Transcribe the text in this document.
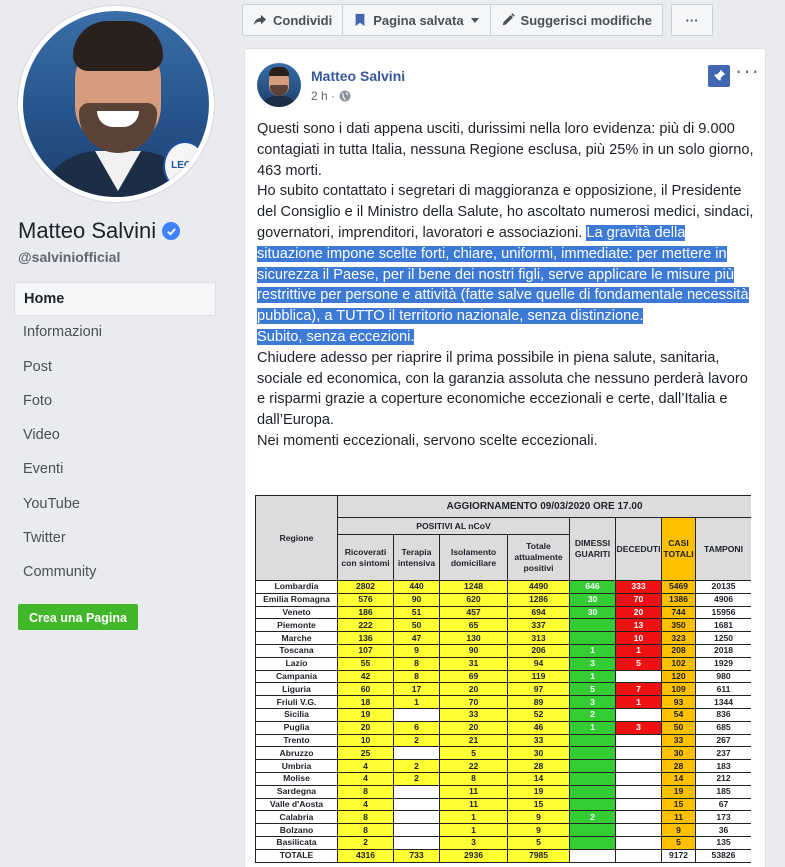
LEGA
Matteo Salvini
@salviniofficial
Home
Informazioni
Post
Foto
Video
Eventi
YouTube
Twitter
Community
Crea una Pagina
Condividi	Pagina salvata	Suggerisci modifiche	···
Matteo Salvini
2 h ·
···

Questi sono i dati appena usciti, durissimi nella loro evidenza: più di 9.000 contagiati in tutta Italia, nessuna Regione esclusa, più 25% in un solo giorno, 463 morti.

Ho subito contattato i segretari di maggioranza e opposizione, il Presidente del Consiglio e il Ministro della Salute, ho ascoltato numerosi medici, sindaci, governatori, imprenditori, lavoratori e associazioni. La gravità della situazione impone scelte forti, chiare, uniformi, immediate: per mettere in sicurezza il Paese, per il bene dei nostri figli, serve applicare le misure più restrittive per persone e attività (fatte salve quelle di fondamentale necessità pubblica), a TUTTO il territorio nazionale, senza distinzione.

Subito, senza eccezioni.

Chiudere adesso per riaprire il prima possibile in piena salute, sanitaria, sociale ed economica, con la garanzia assoluta che nessuno perderà lavoro e risparmi grazie a coperture economiche eccezionali e certe, dall’Italia e dall’Europa.

Nei momenti eccezionali, servono scelte eccezionali.

Regione	AGGIORNAMENTO 09/03/2020 ORE 17.00							
	POSITIVI AL nCoV				DIMESSI GUARITI	DECEDUTI	CASI TOTALI	TAMPONI
	Ricoverati con sintomi	Terapia intensiva	Isolamento domiciliare	Totale attualmente positivi				
Lombardia	2802	440	1248	4490	646	333	5469	20135
Emilia Romagna	576	90	620	1286	30	70	1386	4906
Veneto	186	51	457	694	30	20	744	15956
Piemonte	222	50	65	337		13	350	1681
Marche	136	47	130	313		10	323	1250
Toscana	107	9	90	206	1	1	208	2018
Lazio	55	8	31	94	3	5	102	1929
Campania	42	8	69	119	1		120	980
Liguria	60	17	20	97	5	7	109	611
Friuli V.G.	18	1	70	89	3	1	93	1344
Sicilia	19		33	52	2		54	836
Puglia	20	6	20	46	1	3	50	685
Trento	10	2	21	33			33	267
Abruzzo	25		5	30			30	237
Umbria	4	2	22	28			28	183
Molise	4	2	8	14			14	212
Sardegna	8		11	19			19	185
Valle d'Aosta	4		11	15			15	67
Calabria	8		1	9	2		11	173
Bolzano	8		1	9			9	36
Basilicata	2		3	5			5	135
TOTALE	4316	733	2936	7985	724	463	9172	53826
